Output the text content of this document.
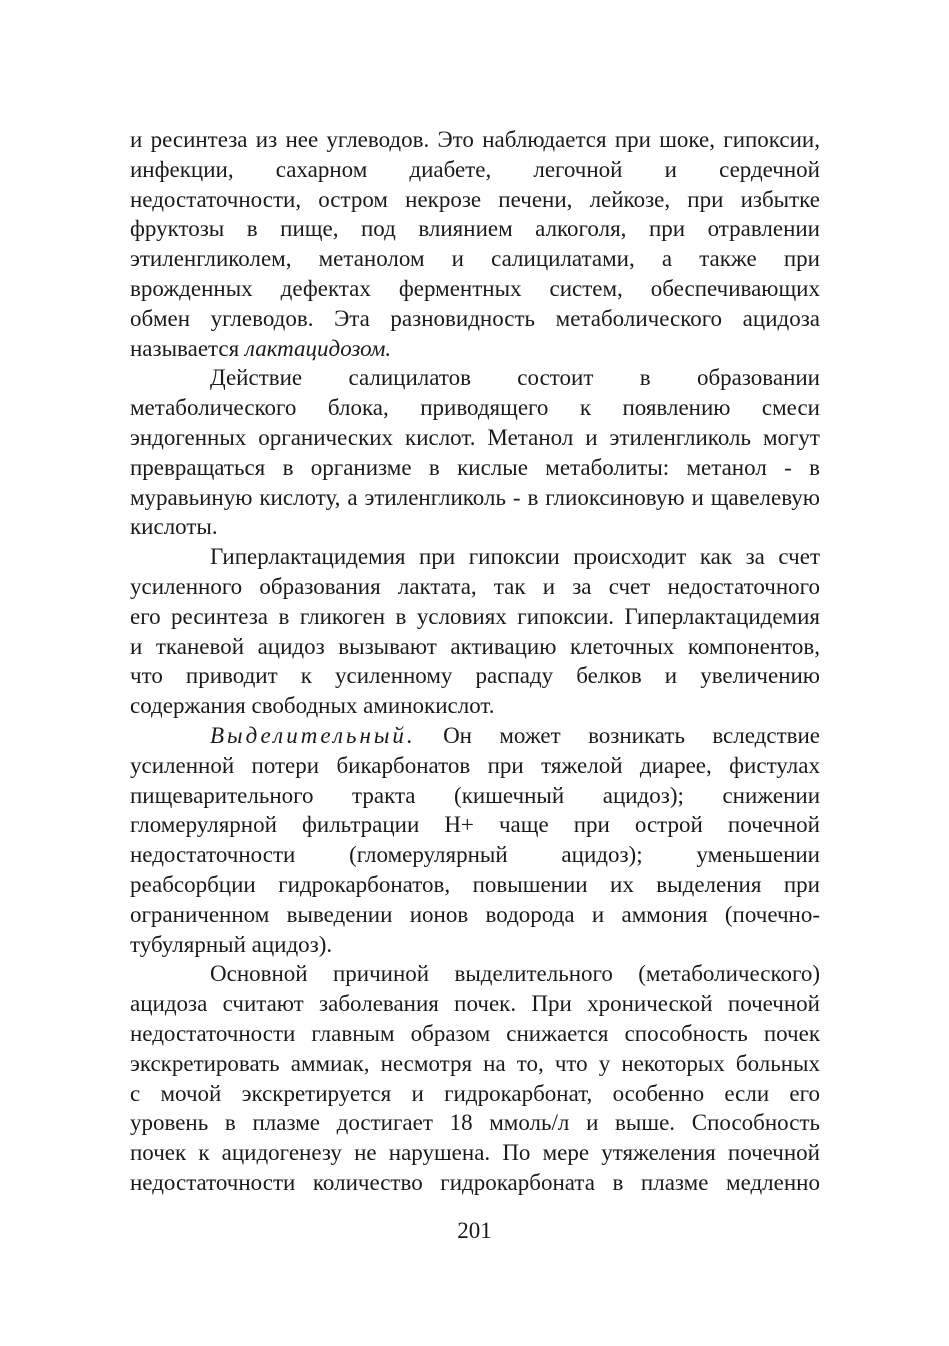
и ресинтеза из нее углеводов. Это наблюдается при шоке, гипоксии,
инфекции, сахарном диабете, легочной и сердечной
недостаточности, остром некрозе печени, лейкозе, при избытке
фруктозы в пище, под влиянием алкоголя, при отравлении
этиленгликолем, метанолом и салицилатами, а также при
врожденных дефектах ферментных систем, обеспечивающих
обмен углеводов. Эта разновидность метаболического ацидоза
называется лактацидозом.
Действие салицилатов состоит в образовании
метаболического блока, приводящего к появлению смеси
эндогенных органических кислот. Метанол и этиленгликоль могут
превращаться в организме в кислые метаболиты: метанол - в
муравьиную кислоту, а этиленгликоль - в глиоксиновую и щавелевую
кислоты.
Гиперлактацидемия при гипоксии происходит как за счет
усиленного образования лактата, так и за счет недостаточного
его ресинтеза в гликоген в условиях гипоксии. Гиперлактацидемия
и тканевой ацидоз вызывают активацию клеточных компонентов,
что приводит к усиленному распаду белков и увеличению
содержания свободных аминокислот.
Выделительный. Он может возникать вследствие
усиленной потери бикарбонатов при тяжелой диарее, фистулах
пищеварительного тракта (кишечный ацидоз); снижении
гломерулярной фильтрации Н+ чаще при острой почечной
недостаточности (гломерулярный ацидоз); уменьшении
реабсорбции гидрокарбонатов, повышении их выделения при
ограниченном выведении ионов водорода и аммония (почечно-
тубулярный ацидоз).
Основной причиной выделительного (метаболического)
ацидоза считают заболевания почек. При хронической почечной
недостаточности главным образом снижается способность почек
экскретировать аммиак, несмотря на то, что у некоторых больных
с мочой экскретируется и гидрокарбонат, особенно если его
уровень в плазме достигает 18 ммоль/л и выше. Способность
почек к ацидогенезу не нарушена. По мере утяжеления почечной
недостаточности количество гидрокарбоната в плазме медленно
201
